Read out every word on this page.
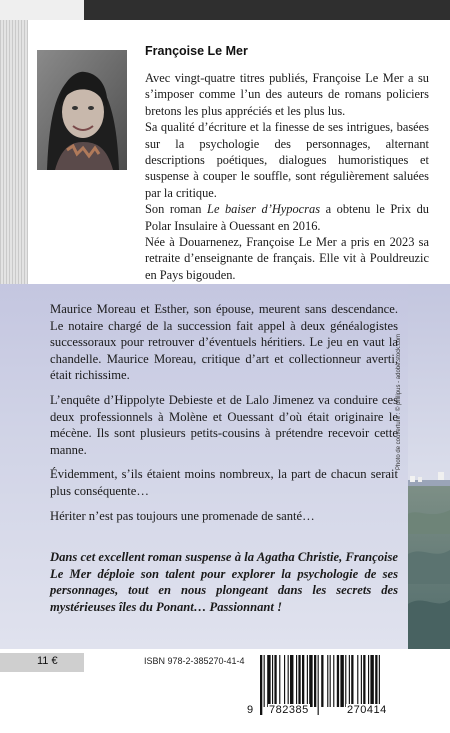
Françoise Le Mer

Avec vingt-quatre titres publiés, Françoise Le Mer a su s’imposer comme l’un des auteurs de romans policiers bretons les plus appréciés et les plus lus.

Sa qualité d’écriture et la finesse de ses intrigues, basées sur la psychologie des personnages, alternant descriptions poétiques, dialogues humoristiques et suspense à couper le souffle, sont régulièrement saluées par la critique.

Son roman Le baiser d’Hypocras a obtenu le Prix du Polar Insulaire à Ouessant en 2016.

Née à Douarnenez, Françoise Le Mer a pris en 2023 sa retraite d’enseignante de français. Elle vit à Pouldreuzic en Pays bigouden.

Photo de couverture : © philipus - adobe.stock.com

Maurice Moreau et Esther, son épouse, meurent sans descendance. Le notaire chargé de la succession fait appel à deux généalogistes successoraux pour retrouver d’éventuels héritiers. Le jeu en vaut la chandelle. Maurice Moreau, critique d’art et collectionneur averti, était richissime.

L’enquête d’Hippolyte Debieste et de Lalo Jimenez va conduire ces deux professionnels à Molène et Ouessant d’où était originaire le mécène. Ils sont plusieurs petits-cousins à prétendre recevoir cette manne.

Évidemment, s’ils étaient moins nombreux, la part de chacun serait plus conséquente…

Hériter n’est pas toujours une promenade de santé…

Dans cet excellent roman suspense à la Agatha Christie, Françoise Le Mer déploie son talent pour explorer la psychologie de ses personnages, tout en nous plongeant dans les secrets des mystérieuses îles du Ponant… Passionnant !
11 €	ISBN 978-2-385270-41-4
9 782385	270414
